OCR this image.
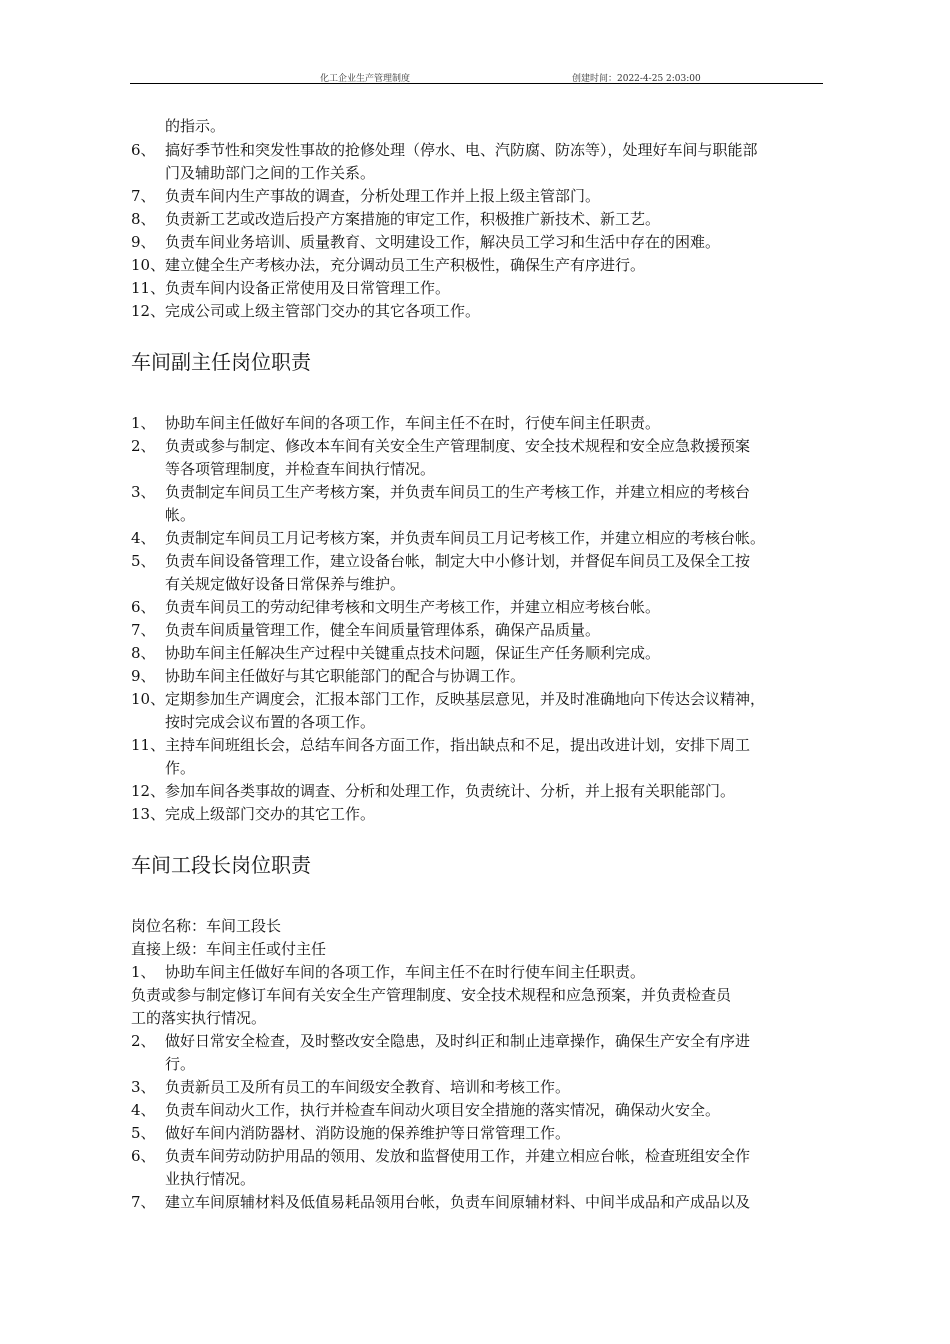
化工企业生产管理制度	创建时间：2022-4-25 2:03:00
的指示。
6、 搞好季节性和突发性事故的抢修处理（停水、电、汽防腐、防冻等），处理好车间与职能部
门及辅助部门之间的工作关系。
7、 负责车间内生产事故的调查，分析处理工作并上报上级主管部门。
8、 负责新工艺或改造后投产方案措施的审定工作，积极推广新技术、新工艺。
9、 负责车间业务培训、质量教育、文明建设工作，解决员工学习和生活中存在的困难。
10、 建立健全生产考核办法，充分调动员工生产积极性，确保生产有序进行。
11、 负责车间内设备正常使用及日常管理工作。
12、 完成公司或上级主管部门交办的其它各项工作。
车间副主任岗位职责
1、 协助车间主任做好车间的各项工作，车间主任不在时，行使车间主任职责。
2、 负责或参与制定、修改本车间有关安全生产管理制度、安全技术规程和安全应急救援预案
等各项管理制度，并检查车间执行情况。
3、 负责制定车间员工生产考核方案，并负责车间员工的生产考核工作，并建立相应的考核台
帐。
4、 负责制定车间员工月记考核方案，并负责车间员工月记考核工作，并建立相应的考核台帐。
5、 负责车间设备管理工作，建立设备台帐，制定大中小修计划，并督促车间员工及保全工按
有关规定做好设备日常保养与维护。
6、 负责车间员工的劳动纪律考核和文明生产考核工作，并建立相应考核台帐。
7、 负责车间质量管理工作，健全车间质量管理体系，确保产品质量。
8、 协助车间主任解决生产过程中关键重点技术问题，保证生产任务顺利完成。
9、 协助车间主任做好与其它职能部门的配合与协调工作。
10、 定期参加生产调度会，汇报本部门工作，反映基层意见，并及时准确地向下传达会议精神，
按时完成会议布置的各项工作。
11、 主持车间班组长会，总结车间各方面工作，指出缺点和不足，提出改进计划，安排下周工
作。
12、 参加车间各类事故的调查、分析和处理工作，负责统计、分析，并上报有关职能部门。
13、 完成上级部门交办的其它工作。
车间工段长岗位职责
岗位名称：车间工段长
直接上级：车间主任或付主任
1、 协助车间主任做好车间的各项工作，车间主任不在时行使车间主任职责。
负责或参与制定修订车间有关安全生产管理制度、安全技术规程和应急预案，并负责检查员
工的落实执行情况。
2、 做好日常安全检查，及时整改安全隐患，及时纠正和制止违章操作，确保生产安全有序进
行。
3、 负责新员工及所有员工的车间级安全教育、培训和考核工作。
4、 负责车间动火工作，执行并检查车间动火项目安全措施的落实情况，确保动火安全。
5、 做好车间内消防器材、消防设施的保养维护等日常管理工作。
6、 负责车间劳动防护用品的领用、发放和监督使用工作，并建立相应台帐，检查班组安全作
业执行情况。
7、 建立车间原辅材料及低值易耗品领用台帐，负责车间原辅材料、中间半成品和产成品以及
